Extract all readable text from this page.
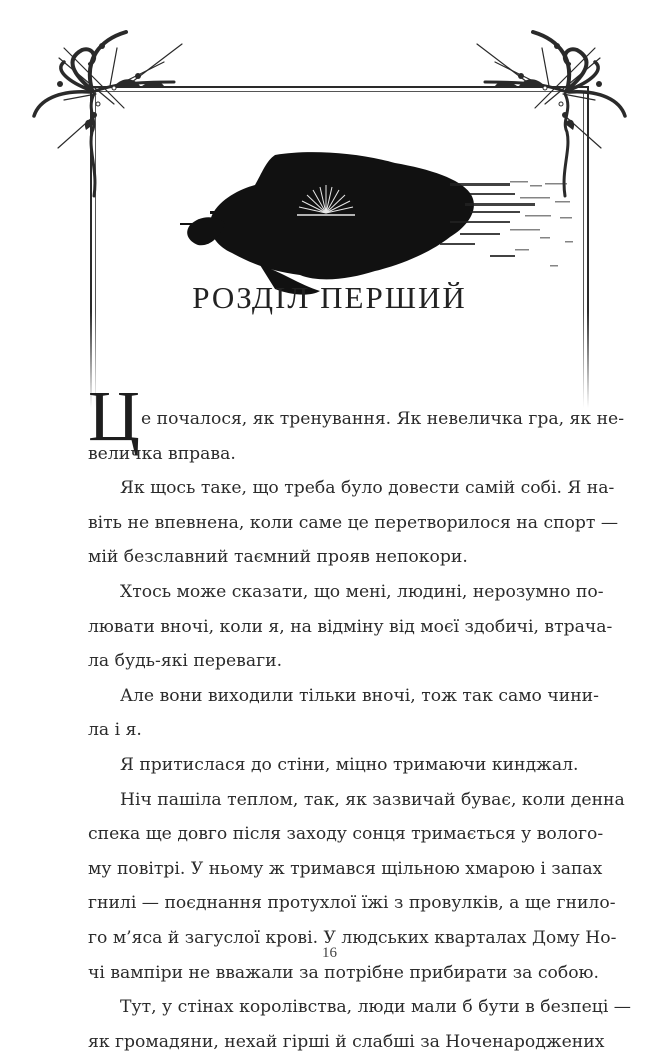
РОЗДІЛ ПЕРШИЙ
Ц е почалося, як тренування. Як невеличка гра, як не-
величка вправа.
Як щось таке, що треба було довести самій собі. Я на-
віть не впевнена, коли саме це перетворилося на спорт —
мій безславний таємний прояв непокори.
Хтось може сказати, що мені, людині, нерозумно по-
лювати вночі, коли я, на відміну від моєї здобичі, втрача-
ла будь-які переваги.
Але вони виходили тільки вночі, тож так само чини-
ла і я.
Я притислася до стіни, міцно тримаючи кинджал.
Ніч пашіла теплом, так, як зазвичай буває, коли денна
спека ще довго після заходу сонця тримається у волого-
му повітрі. У ньому ж тримався щільною хмарою і запах
гнилі — поєднання протухлої їжі з провулків, а ще гнило-
го м’яса й загуслої крові. У людських кварталах Дому Но-
чі вампіри не вважали за потрібне прибирати за собою.
Тут, у стінах королівства, люди мали б бути в безпеці —
як громадяни, нехай гірші й слабші за Ноченароджених
16
